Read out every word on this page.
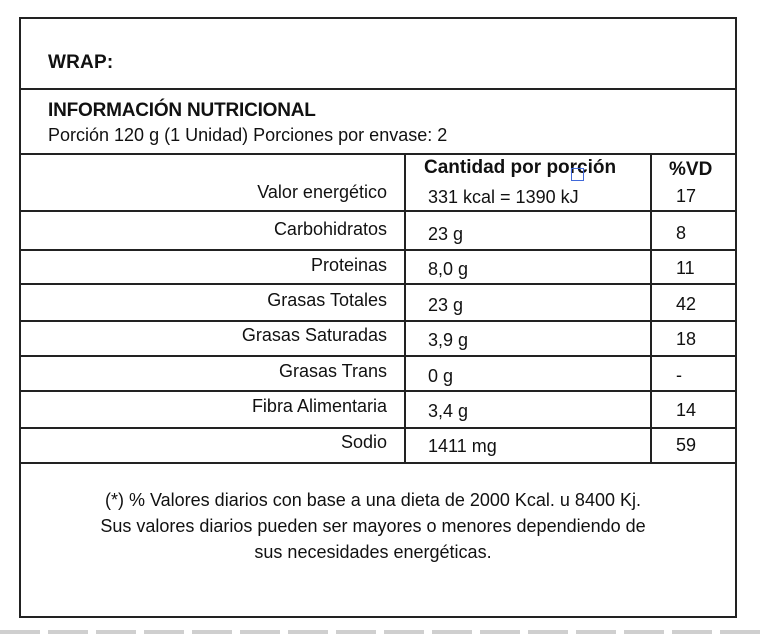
WRAP:
INFORMACIÓN NUTRICIONAL
Porción 120 g (1 Unidad) Porciones por envase: 2
Cantidad por porción	%VD
Valor energético 331 kcal = 1390 kJ	17
Carbohidratos 23 g	8
Proteinas 8,0 g	11
Grasas Totales 23 g	42
Grasas Saturadas 3,9 g	18
Grasas Trans 0 g	-
Fibra Alimentaria 3,4 g	14
Sodio 1411 mg	59
(*) % Valores diarios con base a una dieta de 2000 Kcal. u 8400 Kj.
Sus valores diarios pueden ser mayores o menores dependiendo de
sus necesidades energéticas.
